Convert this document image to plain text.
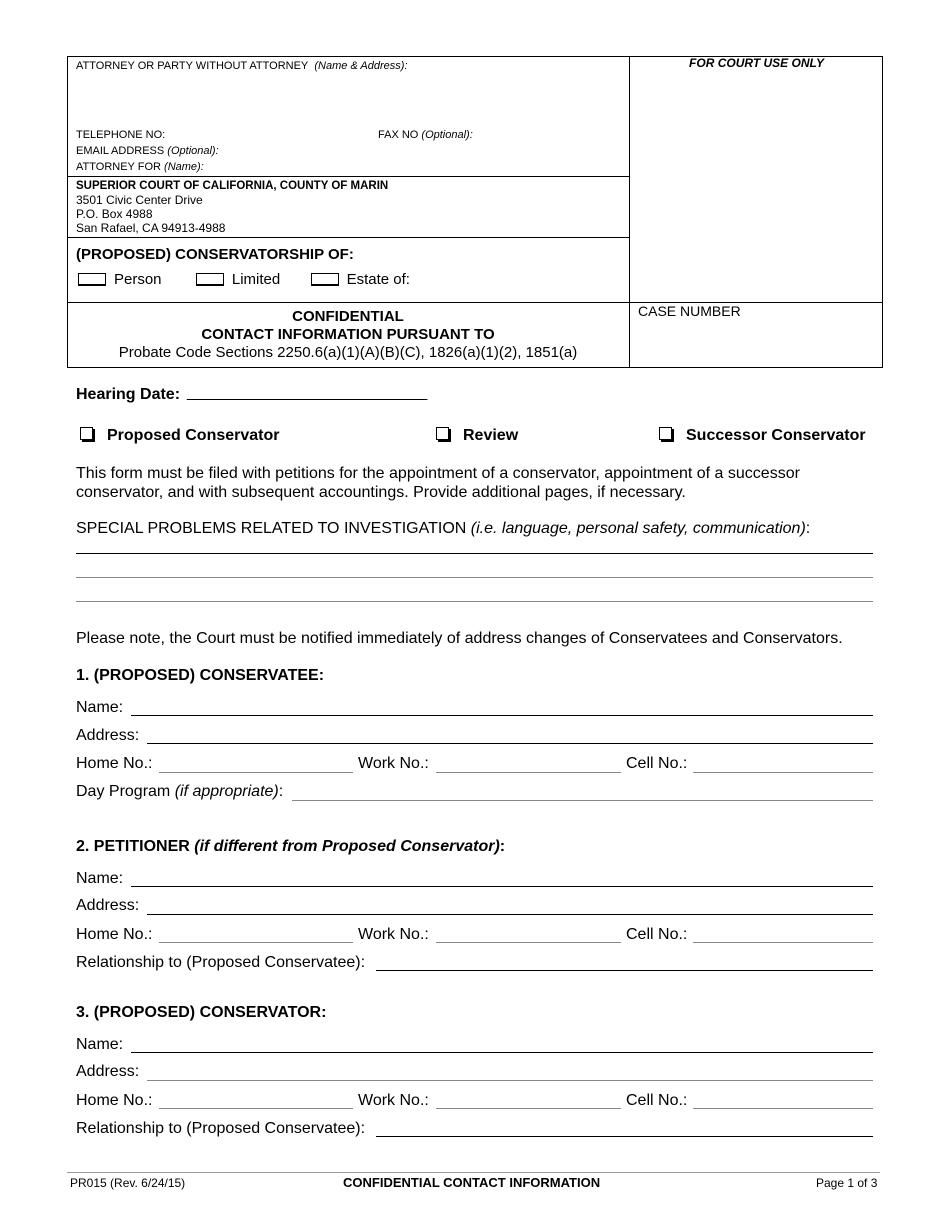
ATTORNEY OR PARTY WITHOUT ATTORNEY (Name & Address):
TELEPHONE NO:	FAX NO (Optional):
EMAIL ADDRESS (Optional):
ATTORNEY FOR (Name):
FOR COURT USE ONLY
SUPERIOR COURT OF CALIFORNIA, COUNTY OF MARIN
3501 Civic Center Drive
P.O. Box 4988
San Rafael, CA 94913-4988
(PROPOSED) CONSERVATORSHIP OF:
Person	Limited	Estate of:
CONFIDENTIAL
CONTACT INFORMATION PURSUANT TO
Probate Code Sections 2250.6(a)(1)(A)(B)(C), 1826(a)(1)(2), 1851(a)
CASE NUMBER
Hearing Date: ___________________________
Proposed Conservator	Review	Successor Conservator
This form must be filed with petitions for the appointment of a conservator, appointment of a successor
conservator, and with subsequent accountings. Provide additional pages, if necessary.
SPECIAL PROBLEMS RELATED TO INVESTIGATION (i.e. language, personal safety, communication):
Please note, the Court must be notified immediately of address changes of Conservatees and Conservators.
1. (PROPOSED) CONSERVATEE:
Name:
Address:
Home No.:	Work No.:	Cell No.:
Day Program (if appropriate):
2. PETITIONER (if different from Proposed Conservator):
Name:
Address:
Home No.:	Work No.:	Cell No.:
Relationship to (Proposed Conservatee):
3. (PROPOSED) CONSERVATOR:
Name:
Address:
Home No.:	Work No.:	Cell No.:
Relationship to (Proposed Conservatee):
PR015 (Rev. 6/24/15)	CONFIDENTIAL CONTACT INFORMATION	Page 1 of 3
